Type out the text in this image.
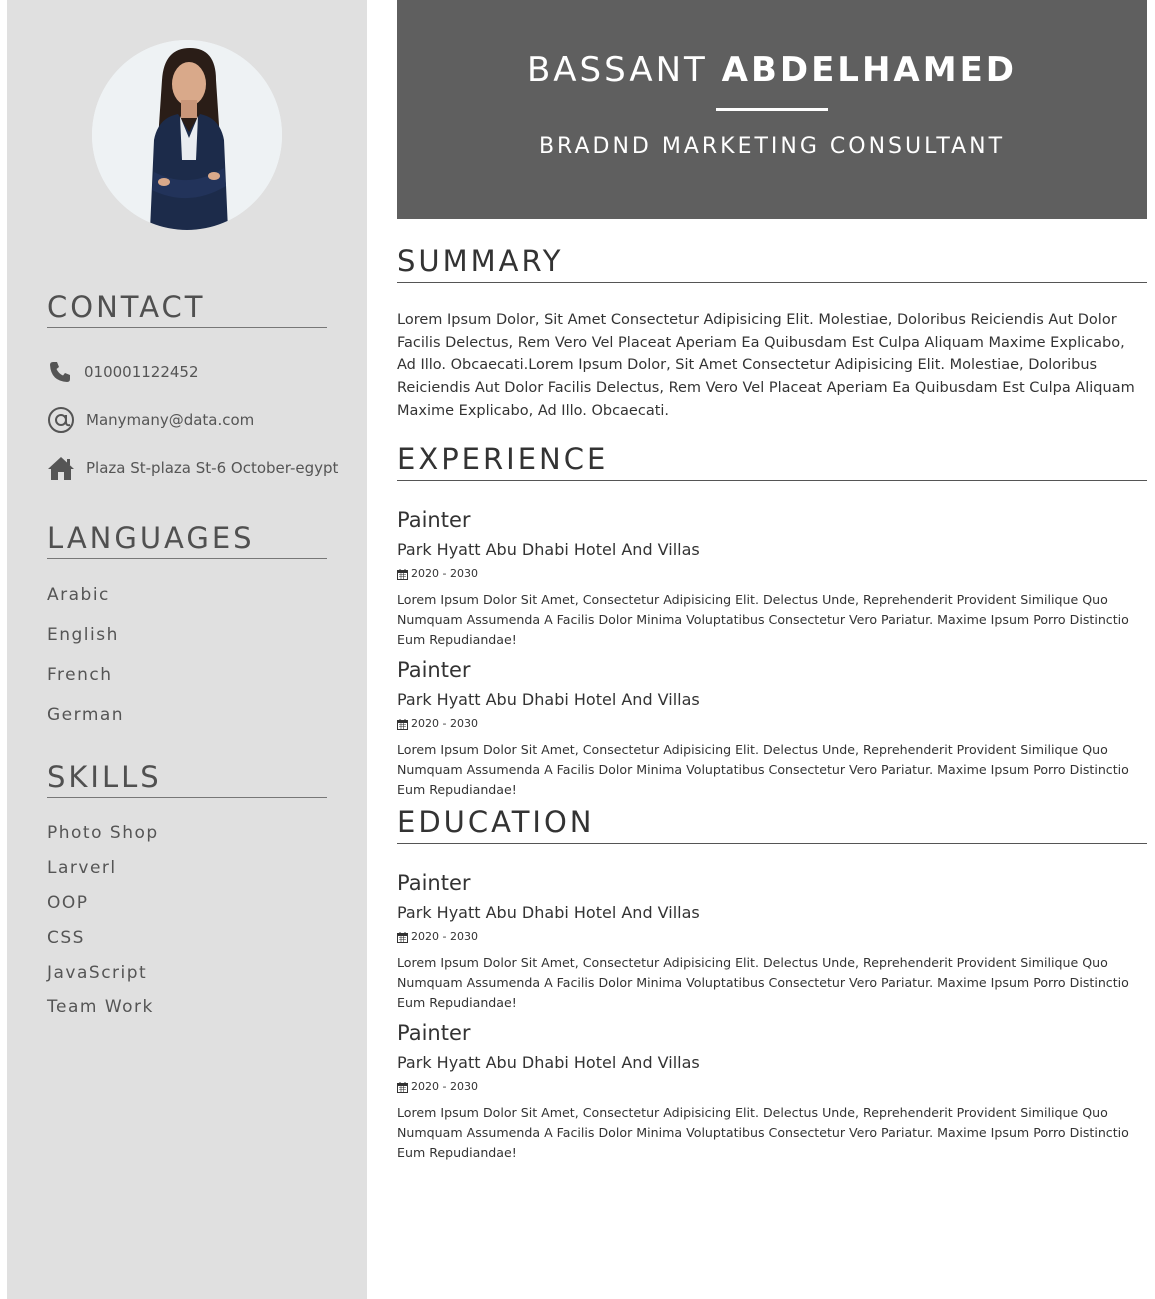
CONTACT
010001122452
Manymany@data.com
Plaza St-plaza St-6 October-egypt
LANGUAGES
Arabic
English
French
German
SKILLS
Photo Shop
Larverl
OOP
CSS
JavaScript
Team Work
BASSANT ABDELHAMED
BRADND MARKETING CONSULTANT
SUMMARY
Lorem Ipsum Dolor, Sit Amet Consectetur Adipisicing Elit. Molestiae, Doloribus Reiciendis Aut Dolor Facilis Delectus, Rem Vero Vel Placeat Aperiam Ea Quibusdam Est Culpa Aliquam Maxime Explicabo, Ad Illo. Obcaecati.Lorem Ipsum Dolor, Sit Amet Consectetur Adipisicing Elit. Molestiae, Doloribus Reiciendis Aut Dolor Facilis Delectus, Rem Vero Vel Placeat Aperiam Ea Quibusdam Est Culpa Aliquam Maxime Explicabo, Ad Illo. Obcaecati.
EXPERIENCE
Painter
Park Hyatt Abu Dhabi Hotel And Villas
2020 - 2030
Lorem Ipsum Dolor Sit Amet, Consectetur Adipisicing Elit. Delectus Unde, Reprehenderit Provident Similique Quo Numquam Assumenda A Facilis Dolor Minima Voluptatibus Consectetur Vero Pariatur. Maxime Ipsum Porro Distinctio Eum Repudiandae!
Painter
Park Hyatt Abu Dhabi Hotel And Villas
2020 - 2030
Lorem Ipsum Dolor Sit Amet, Consectetur Adipisicing Elit. Delectus Unde, Reprehenderit Provident Similique Quo Numquam Assumenda A Facilis Dolor Minima Voluptatibus Consectetur Vero Pariatur. Maxime Ipsum Porro Distinctio Eum Repudiandae!
EDUCATION
Painter
Park Hyatt Abu Dhabi Hotel And Villas
2020 - 2030
Lorem Ipsum Dolor Sit Amet, Consectetur Adipisicing Elit. Delectus Unde, Reprehenderit Provident Similique Quo Numquam Assumenda A Facilis Dolor Minima Voluptatibus Consectetur Vero Pariatur. Maxime Ipsum Porro Distinctio Eum Repudiandae!
Painter
Park Hyatt Abu Dhabi Hotel And Villas
2020 - 2030
Lorem Ipsum Dolor Sit Amet, Consectetur Adipisicing Elit. Delectus Unde, Reprehenderit Provident Similique Quo Numquam Assumenda A Facilis Dolor Minima Voluptatibus Consectetur Vero Pariatur. Maxime Ipsum Porro Distinctio Eum Repudiandae!
